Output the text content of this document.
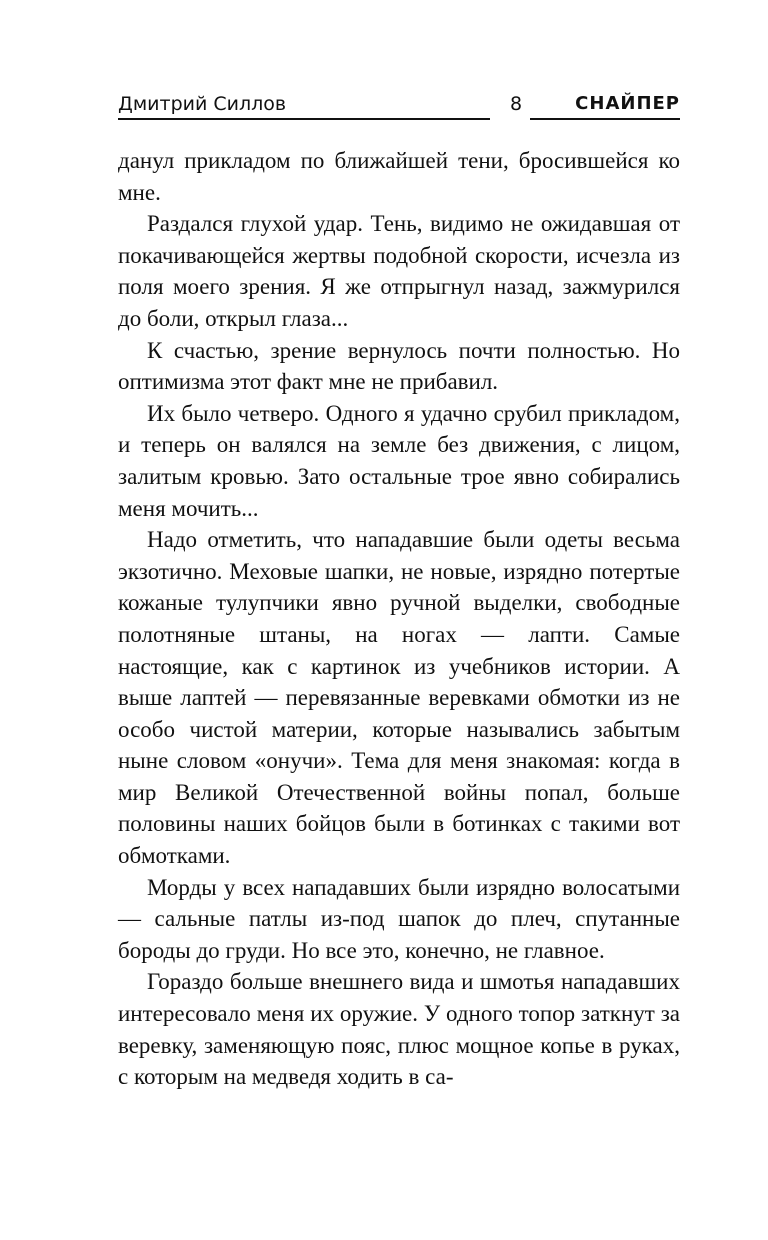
Дмитрий Силлов	8	СНАЙПЕР

данул прикладом по ближайшей тени, бросившейся ко мне.

Раздался глухой удар. Тень, видимо не ожидавшая от покачивающейся жертвы подобной скорости, исчезла из поля моего зрения. Я же отпрыгнул назад, зажмурился до боли, открыл глаза...

К счастью, зрение вернулось почти полностью. Но оптимизма этот факт мне не прибавил.

Их было четверо. Одного я удачно срубил прикладом, и теперь он валялся на земле без движения, с лицом, залитым кровью. Зато остальные трое явно собирались меня мочить...

Надо отметить, что нападавшие были одеты весьма экзотично. Меховые шапки, не новые, изрядно потертые кожаные тулупчики явно ручной выделки, свободные полотняные штаны, на ногах — лапти. Самые настоящие, как с картинок из учебников истории. А выше лаптей — перевязанные веревками обмотки из не особо чистой материи, которые назывались забытым ныне словом «онучи». Тема для меня знакомая: когда в мир Великой Отечественной войны попал, больше половины наших бойцов были в ботинках с такими вот обмотками.

Морды у всех нападавших были изрядно волосатыми — сальные патлы из-под шапок до плеч, спутанные бороды до груди. Но все это, конечно, не главное.

Гораздо больше внешнего вида и шмотья нападавших интересовало меня их оружие. У одного топор заткнут за веревку, заменяющую пояс, плюс мощное копье в руках, с которым на медведя ходить в са-
